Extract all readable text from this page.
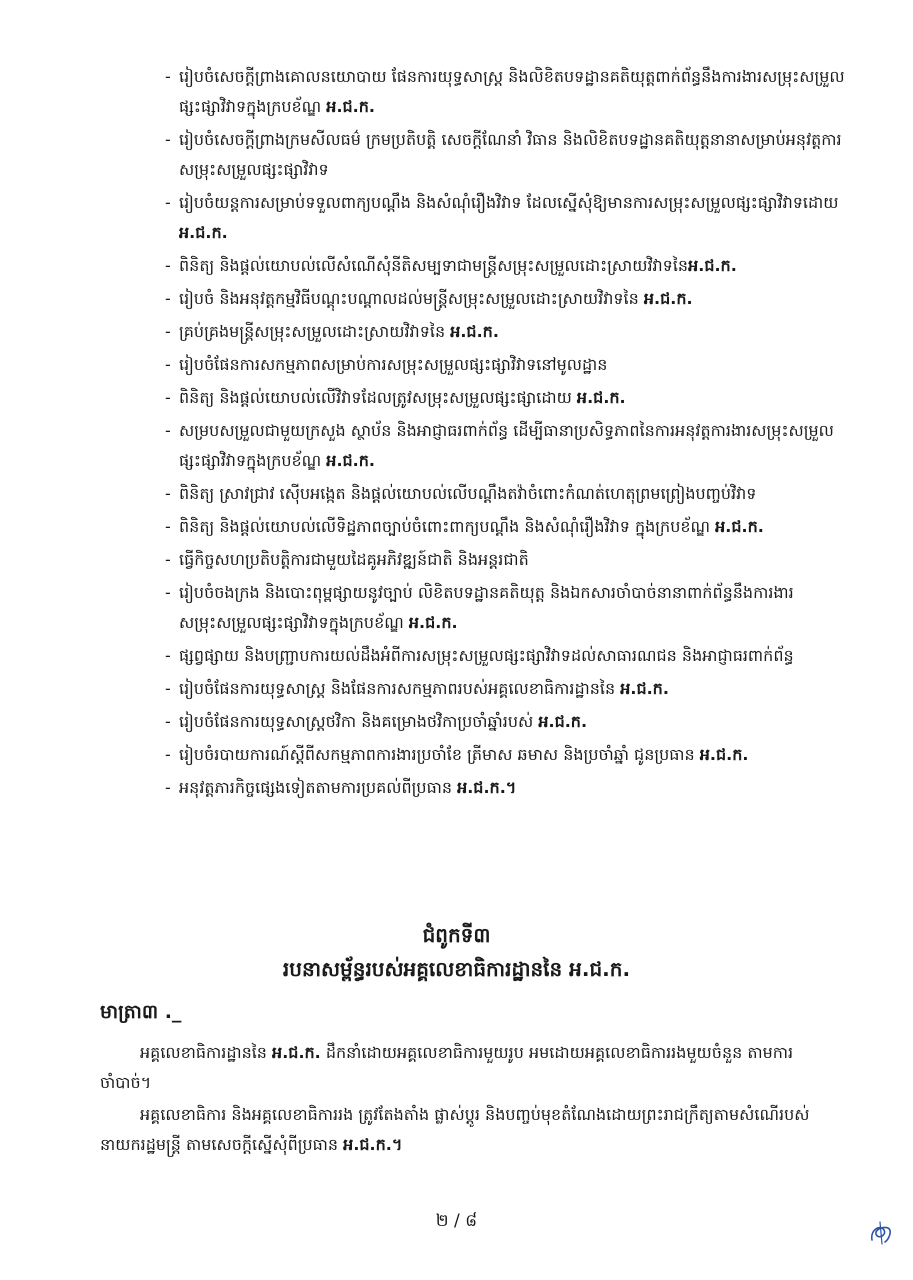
- រៀបចំសេចក្ដីព្រាងគោលនយោបាយ ផែនការយុទ្ធសាស្ត្រ និងលិខិតបទដ្ឋានគតិយុត្តពាក់ព័ន្ធនឹងការងារសម្រុះសម្រួលផ្សះផ្សាវិវាទក្នុងក្របខ័ណ្ឌ អ.ជ.ក.
- រៀបចំសេចក្ដីព្រាងក្រមសីលធម៌ ក្រមប្រតិបត្តិ សេចក្ដីណែនាំ វិធាន និងលិខិតបទដ្ឋានគតិយុត្តនានាសម្រាប់អនុវត្តការសម្រុះសម្រួលផ្សះផ្សាវិវាទ
- រៀបចំយន្តការសម្រាប់ទទួលពាក្យបណ្ដឹង និងសំណុំរឿងវិវាទ ដែលស្នើសុំឱ្យមានការសម្រុះសម្រួលផ្សះផ្សាវិវាទដោយ អ.ជ.ក.
- ពិនិត្យ និងផ្ដល់យោបល់លើសំណើសុំនីតិសម្បទាជាមន្ត្រីសម្រុះសម្រួលដោះស្រាយវិវាទនៃអ.ជ.ក.
- រៀបចំ និងអនុវត្តកម្មវិធីបណ្ដុះបណ្ដាលដល់មន្ត្រីសម្រុះសម្រួលដោះស្រាយវិវាទនៃ អ.ជ.ក.
- គ្រប់គ្រងមន្ត្រីសម្រុះសម្រួលដោះស្រាយវិវាទនៃ អ.ជ.ក.
- រៀបចំផែនការសកម្មភាពសម្រាប់ការសម្រុះសម្រួលផ្សះផ្សាវិវាទនៅមូលដ្ឋាន
- ពិនិត្យ និងផ្ដល់យោបល់លើវិវាទដែលត្រូវសម្រុះសម្រួលផ្សះផ្សាដោយ អ.ជ.ក.
- សម្របសម្រួលជាមួយក្រសួង ស្ថាប័ន និងអាជ្ញាធរពាក់ព័ន្ធ ដើម្បីធានាប្រសិទ្ធភាពនៃការអនុវត្តការងារសម្រុះសម្រួលផ្សះផ្សាវិវាទក្នុងក្របខ័ណ្ឌ អ.ជ.ក.
- ពិនិត្យ ស្រាវជ្រាវ ស៊ើបអង្កេត និងផ្ដល់យោបល់លើបណ្ដឹងតវ៉ាចំពោះកំណត់ហេតុព្រមព្រៀងបញ្ចប់វិវាទ
- ពិនិត្យ និងផ្ដល់យោបល់លើទិដ្ឋភាពច្បាប់ចំពោះពាក្យបណ្ដឹង និងសំណុំរឿងវិវាទ ក្នុងក្របខ័ណ្ឌ អ.ជ.ក.
- ធ្វើកិច្ចសហប្រតិបត្តិការជាមួយដៃគូអភិវឌ្ឍន៍ជាតិ និងអន្តរជាតិ
- រៀបចំចងក្រង និងបោះពុម្ពផ្សាយនូវច្បាប់ លិខិតបទដ្ឋានគតិយុត្ត និងឯកសារចាំបាច់នានាពាក់ព័ន្ធនឹងការងារសម្រុះសម្រួលផ្សះផ្សាវិវាទក្នុងក្របខ័ណ្ឌ អ.ជ.ក.
- ផ្សព្វផ្សាយ និងបញ្ជ្រាបការយល់ដឹងអំពីការសម្រុះសម្រួលផ្សះផ្សាវិវាទដល់សាធារណជន និងអាជ្ញាធរពាក់ព័ន្ធ
- រៀបចំផែនការយុទ្ធសាស្ត្រ និងផែនការសកម្មភាពរបស់អគ្គលេខាធិការដ្ឋាននៃ អ.ជ.ក.
- រៀបចំផែនការយុទ្ធសាស្ត្រថវិកា និងគម្រោងថវិកាប្រចាំឆ្នាំរបស់ អ.ជ.ក.
- រៀបចំរបាយការណ៍ស្ដីពីសកម្មភាពការងារប្រចាំខែ ត្រីមាស ឆមាស និងប្រចាំឆ្នាំ ជូនប្រធាន អ.ជ.ក.
- អនុវត្តភារកិច្ចផ្សេងទៀតតាមការប្រគល់ពីប្រធាន អ.ជ.ក.។
ជំពូកទី៣
របនាសម្ព័ន្ធរបស់អគ្គលេខាធិការដ្ឋាននៃ អ.ជ.ក.
មាត្រា៣ ._
អគ្គលេខាធិការដ្ឋាននៃ អ.ជ.ក. ដឹកនាំដោយអគ្គលេខាធិការមួយរូប អមដោយអគ្គលេខាធិការរងមួយចំនួន តាមការចាំបាច់។
អគ្គលេខាធិការ និងអគ្គលេខាធិការរង ត្រូវតែងតាំង ផ្លាស់ប្ដូរ និងបញ្ចប់មុខតំណែងដោយព្រះរាជក្រឹត្យតាមសំណើរបស់នាយករដ្ឋមន្ត្រី តាមសេចក្ដីស្នើសុំពីប្រធាន អ.ជ.ក.។
២ / ៨
